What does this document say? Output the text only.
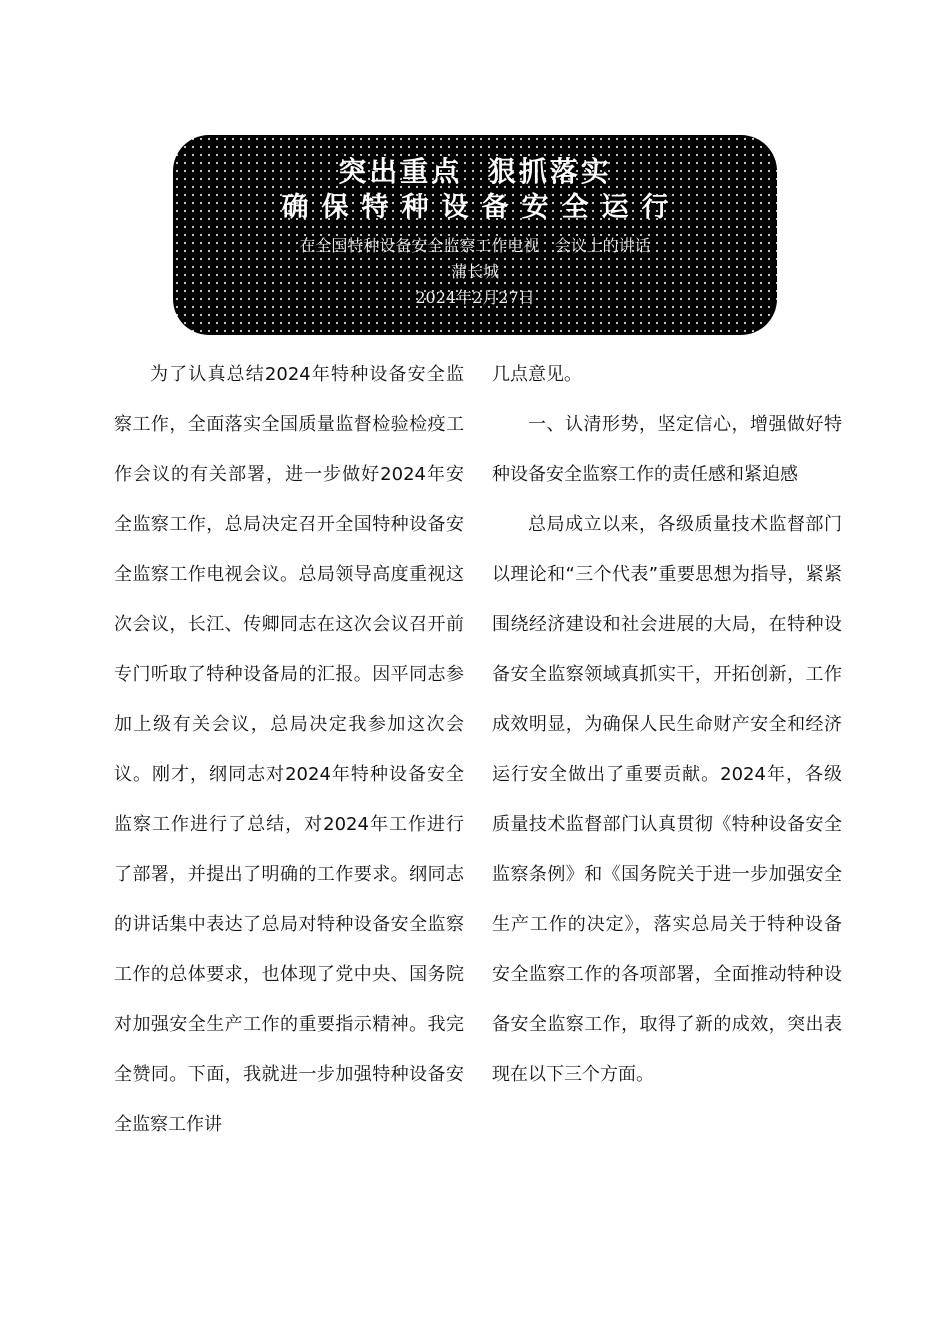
突出重点  狠抓落实
确保特种设备安全运行
在全国特种设备安全监察工作电视   会议上的讲话
蒲长城
2024年2月27日

为了认真总结2024年特种设备安全监察工作，全面落实全国质量监督检验检疫工作会议的有关部署，进一步做好2024年安全监察工作，总局决定召开全国特种设备安全监察工作电视会议。总局领导高度重视这次会议，长江、传卿同志在这次会议召开前专门听取了特种设备局的汇报。因平同志参加上级有关会议，总局决定我参加这次会议。刚才，纲同志对2024年特种设备安全监察工作进行了总结，对2024年工作进行了部署，并提出了明确的工作要求。纲同志的讲话集中表达了总局对特种设备安全监察工作的总体要求，也体现了党中央、国务院对加强安全生产工作的重要指示精神。我完全赞同。下面，我就进一步加强特种设备安全监察工作讲

几点意见。

一、认清形势，坚定信心，增强做好特种设备安全监察工作的责任感和紧迫感

总局成立以来，各级质量技术监督部门以理论和“三个代表”重要思想为指导，紧紧围绕经济建设和社会进展的大局，在特种设备安全监察领域真抓实干，开拓创新，工作成效明显，为确保人民生命财产安全和经济运行安全做出了重要贡献。2024年，各级质量技术监督部门认真贯彻《特种设备安全监察条例》和《国务院关于进一步加强安全生产工作的决定》，落实总局关于特种设备安全监察工作的各项部署，全面推动特种设备安全监察工作，取得了新的成效，突出表现在以下三个方面。
